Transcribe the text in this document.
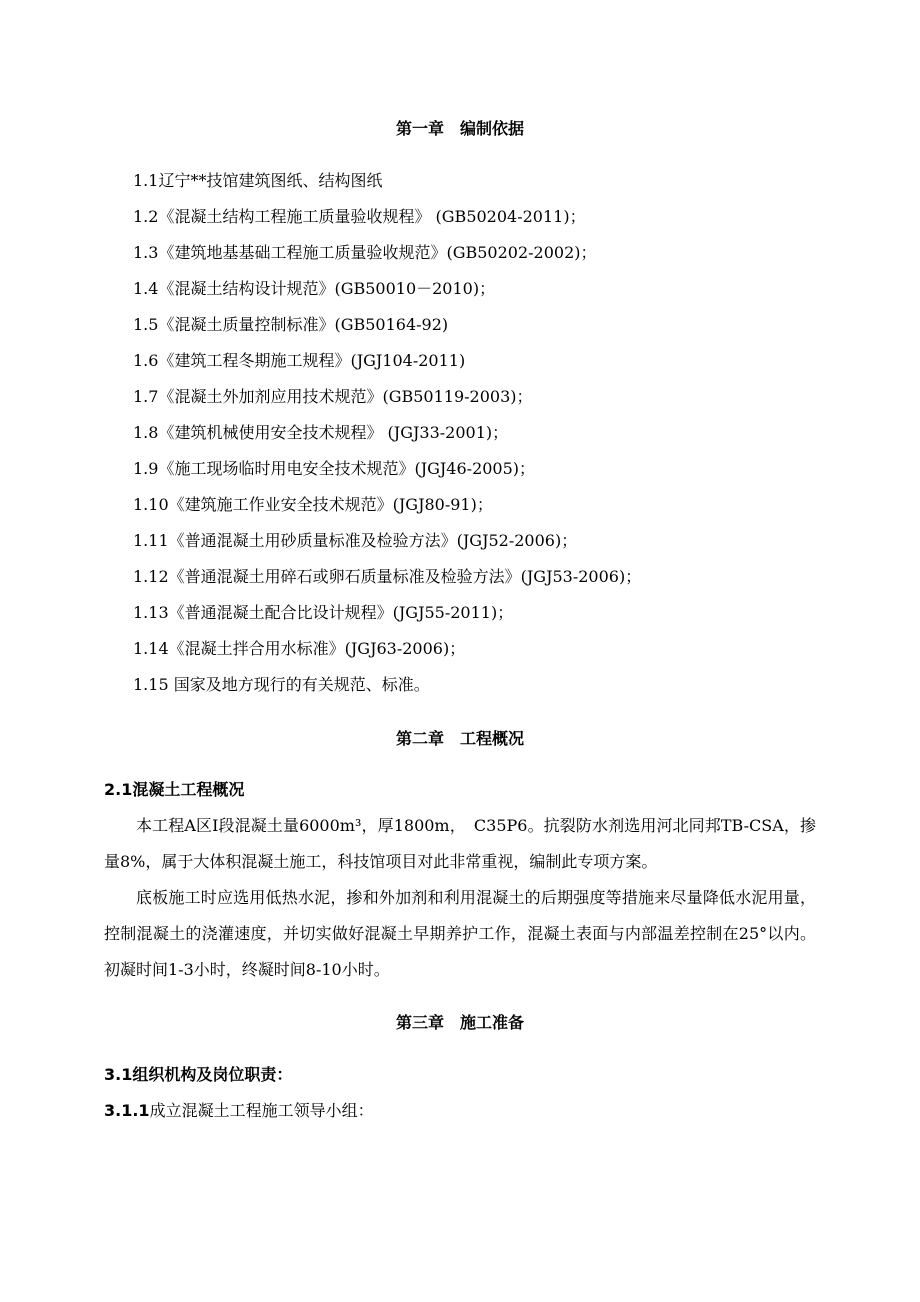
第一章　编制依据
1.1辽宁**技馆建筑图纸、结构图纸
1.2《混凝土结构工程施工质量验收规程》 (GB50204-2011)；
1.3《建筑地基基础工程施工质量验收规范》(GB50202-2002)；
1.4《混凝土结构设计规范》(GB50010－2010)；
1.5《混凝土质量控制标准》(GB50164-92)
1.6《建筑工程冬期施工规程》(JGJ104-2011)
1.7《混凝土外加剂应用技术规范》(GB50119-2003)；
1.8《建筑机械使用安全技术规程》 (JGJ33-2001)；
1.9《施工现场临时用电安全技术规范》(JGJ46-2005)；
1.10《建筑施工作业安全技术规范》(JGJ80-91)；
1.11《普通混凝土用砂质量标准及检验方法》(JGJ52-2006)；
1.12《普通混凝土用碎石或卵石质量标准及检验方法》(JGJ53-2006)；
1.13《普通混凝土配合比设计规程》(JGJ55-2011)；
1.14《混凝土拌合用水标准》(JGJ63-2006)；
1.15 国家及地方现行的有关规范、标准。
第二章　工程概况
2.1混凝土工程概况

本工程A区Ⅰ段混凝土量6000m³，厚1800m，　C35P6。抗裂防水剂选用河北同邦TB-CSA，掺量8%，属于大体积混凝土施工，科技馆项目对此非常重视，编制此专项方案。

底板施工时应选用低热水泥，掺和外加剂和利用混凝土的后期强度等措施来尽量降低水泥用量，控制混凝土的浇灌速度，并切实做好混凝土早期养护工作，混凝土表面与内部温差控制在25°以内。初凝时间1-3小时，终凝时间8-10小时。

第三章　施工准备
3.1组织机构及岗位职责：
3.1.1成立混凝土工程施工领导小组：
